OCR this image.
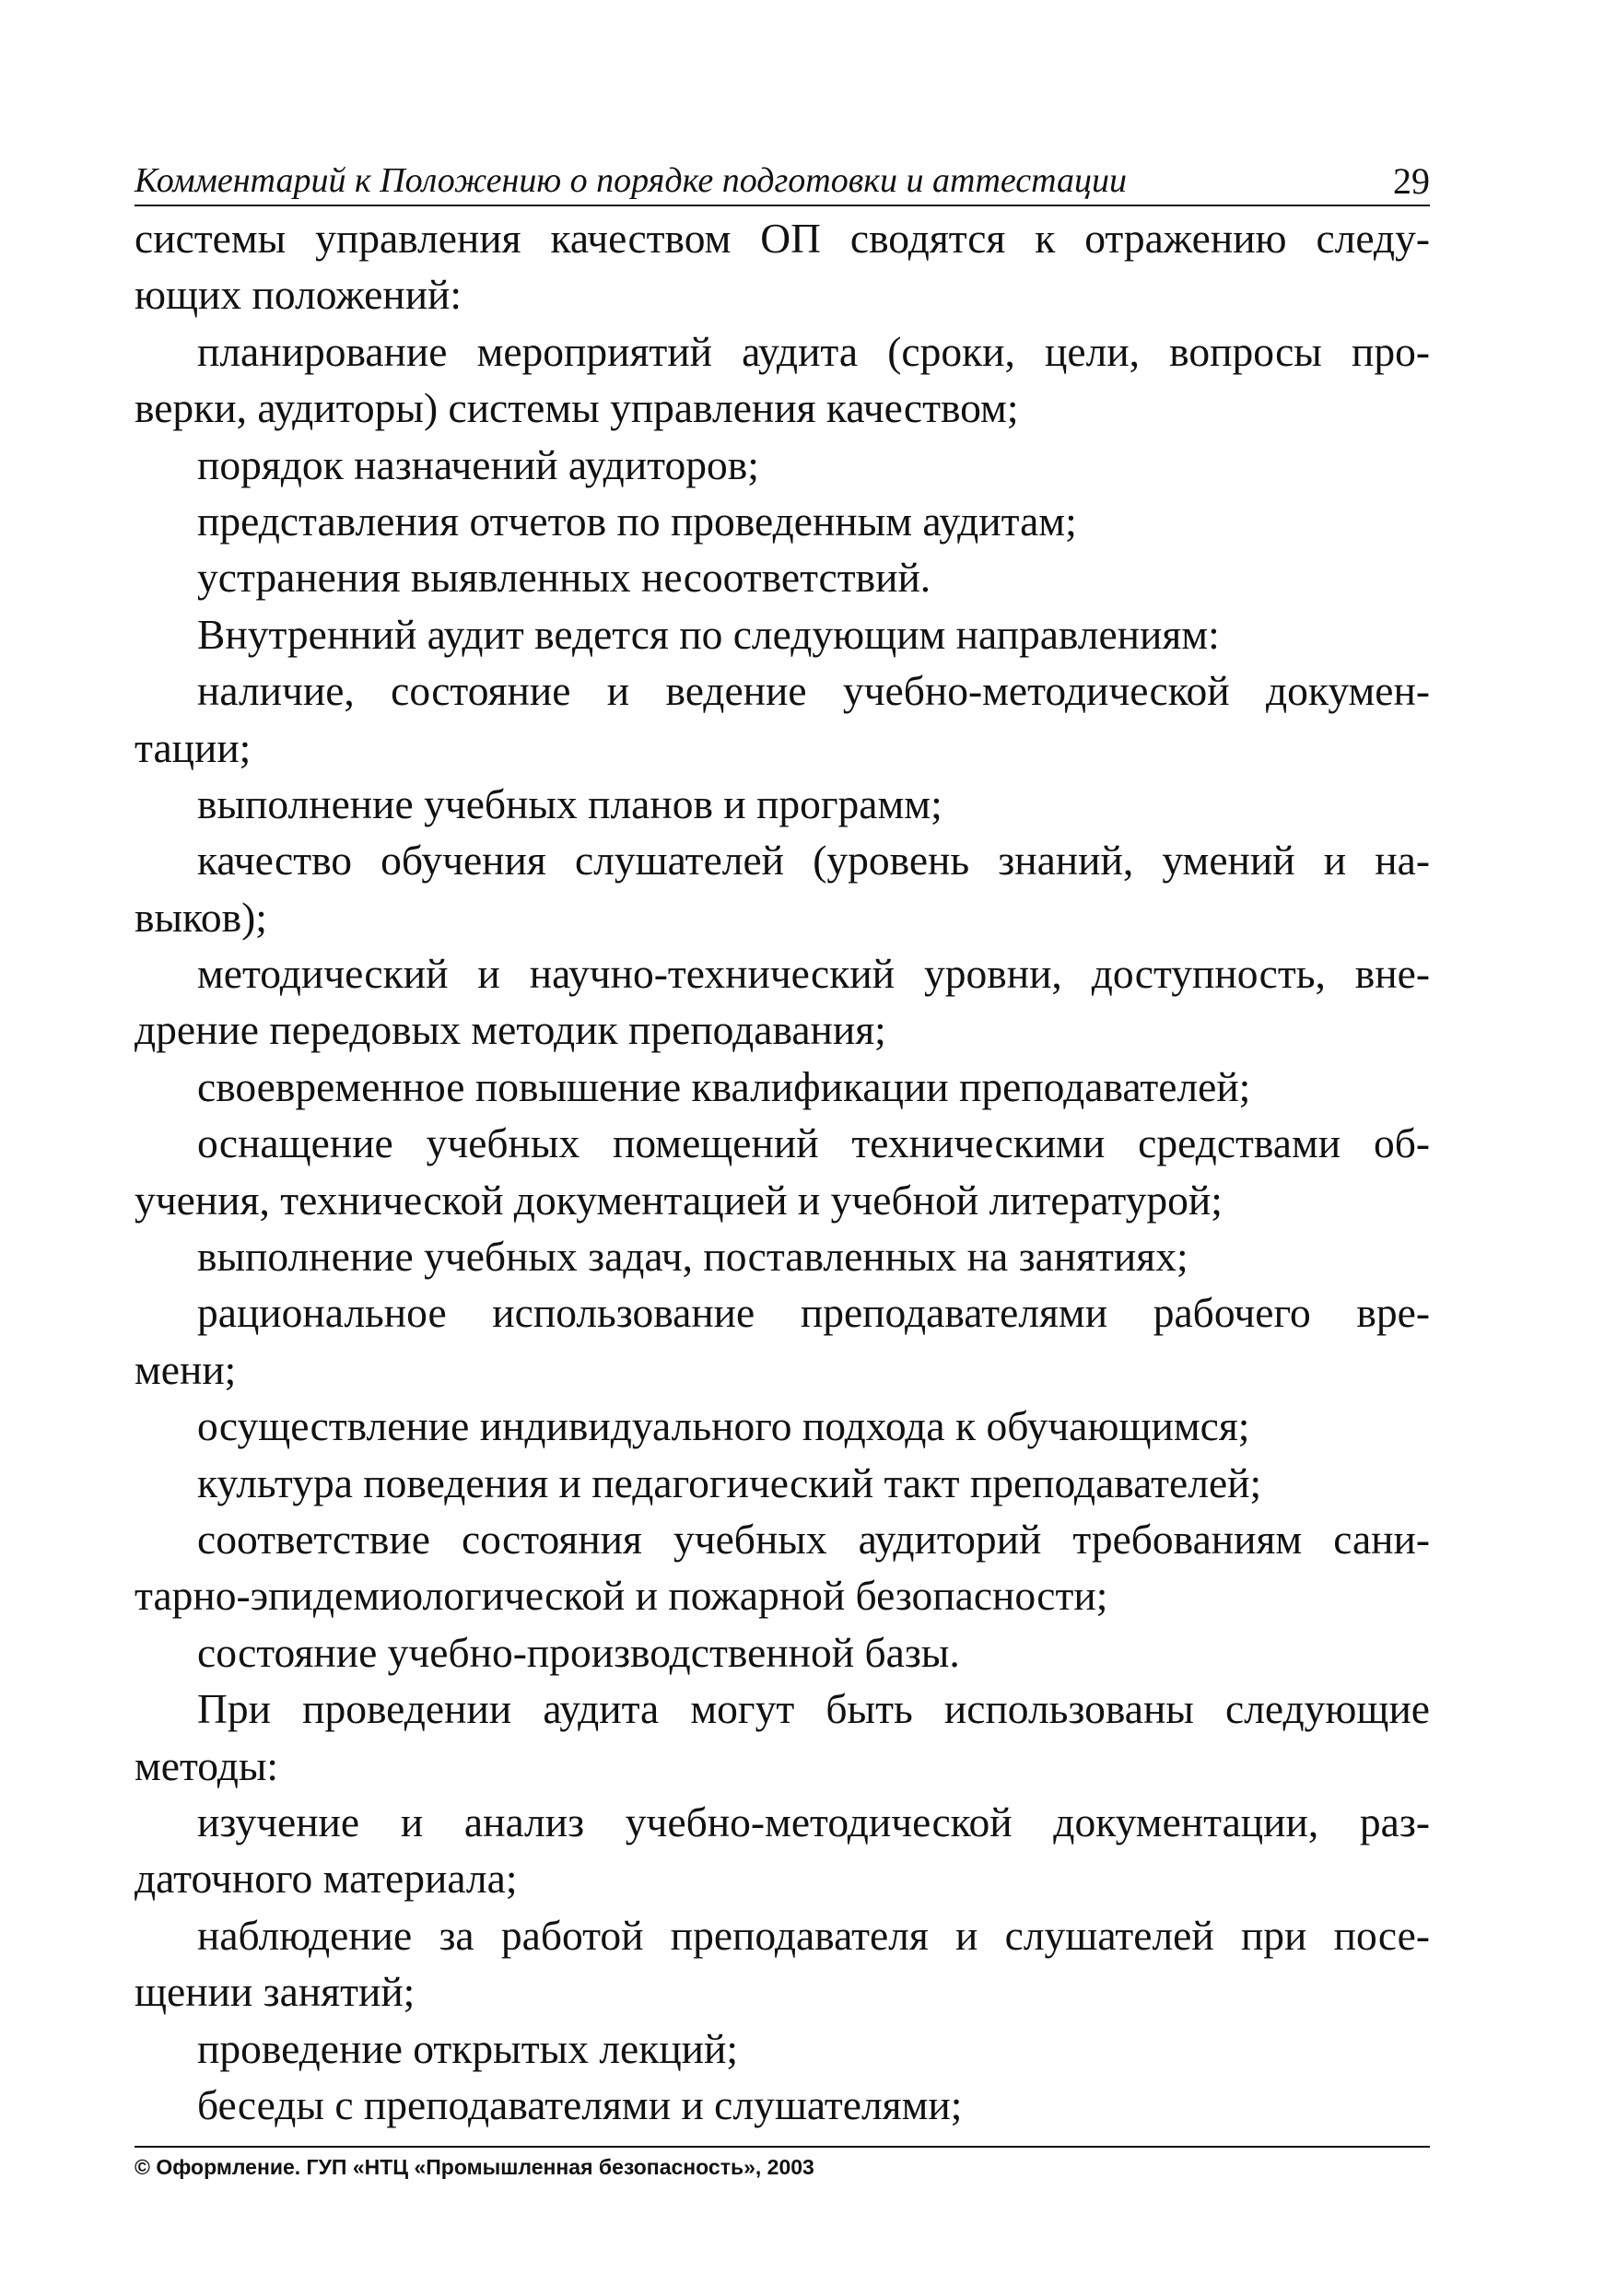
Комментарий к Положению о порядке подготовки и аттестации	29
системы управления качеством ОП сводятся к отражению следу-
ющих положений:
планирование мероприятий аудита (сроки, цели, вопросы про-
верки, аудиторы) системы управления качеством;
порядок назначений аудиторов;
представления отчетов по проведенным аудитам;
устранения выявленных несоответствий.
Внутренний аудит ведется по следующим направлениям:
наличие, состояние и ведение учебно-методической докумен-
тации;
выполнение учебных планов и программ;
качество обучения слушателей (уровень знаний, умений и на-
выков);
методический и научно-технический уровни, доступность, вне-
дрение передовых методик преподавания;
своевременное повышение квалификации преподавателей;
оснащение учебных помещений техническими средствами об-
учения, технической документацией и учебной литературой;
выполнение учебных задач, поставленных на занятиях;
рациональное использование преподавателями рабочего вре-
мени;
осуществление индивидуального подхода к обучающимся;
культура поведения и педагогический такт преподавателей;
соответствие состояния учебных аудиторий требованиям сани-
тарно-эпидемиологической и пожарной безопасности;
состояние учебно-производственной базы.
При проведении аудита могут быть использованы следующие
методы:
изучение и анализ учебно-методической документации, раз-
даточного материала;
наблюдение за работой преподавателя и слушателей при посе-
щении занятий;
проведение открытых лекций;
беседы с преподавателями и слушателями;
© Оформление. ГУП «НТЦ «Промышленная безопасность», 2003
